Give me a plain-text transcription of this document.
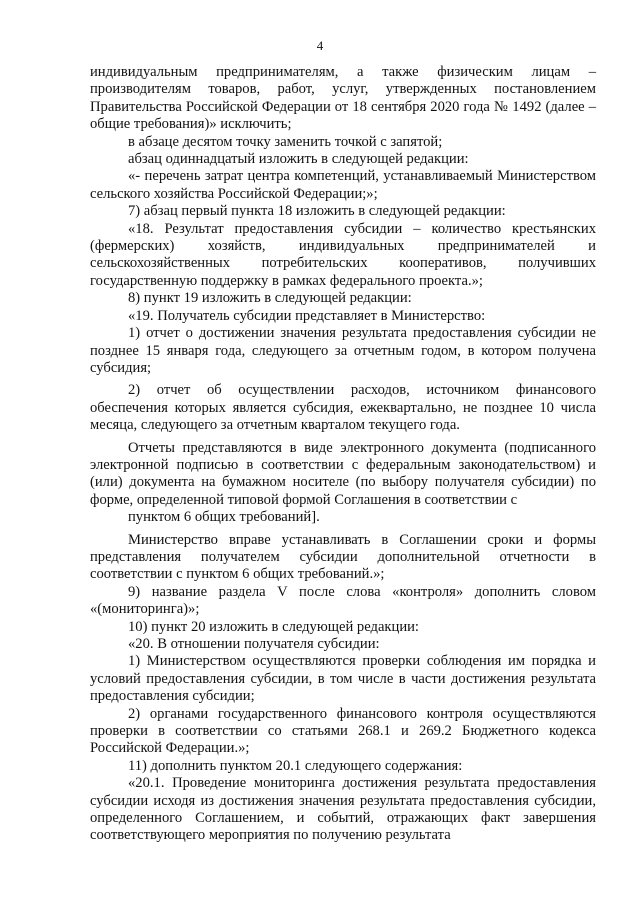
4

индивидуальным предпринимателям, а также физическим лицам – производителям товаров, работ, услуг, утвержденных постановлением Правительства Российской Федерации от 18 сентября 2020 года № 1492 (далее – общие требования)» исключить;

в абзаце десятом точку заменить точкой с запятой;

абзац одиннадцатый изложить в следующей редакции:

«- перечень затрат центра компетенций, устанавливаемый Министерством сельского хозяйства Российской Федерации;»;

7) абзац первый пункта 18 изложить в следующей редакции:

«18. Результат предоставления субсидии – количество крестьянских (фермерских) хозяйств, индивидуальных предпринимателей и сельскохозяйственных потребительских кооперативов, получивших государственную поддержку в рамках федерального проекта.»;

8) пункт 19 изложить в следующей редакции:

«19. Получатель субсидии представляет в Министерство:

1) отчет о достижении значения результата предоставления субсидии не позднее 15 января года, следующего за отчетным годом, в котором получена субсидия;

2) отчет об осуществлении расходов, источником финансового обеспечения которых является субсидия, ежеквартально, не позднее 10 числа месяца, следующего за отчетным кварталом текущего года.

Отчеты представляются в виде электронного документа (подписанного электронной подписью в соответствии с федеральным законодательством) и (или) документа на бумажном носителе (по выбору получателя субсидии) по форме, определенной типовой формой Соглашения в соответствии с

пунктом 6 общих требований].

Министерство вправе устанавливать в Соглашении сроки и формы представления получателем субсидии дополнительной отчетности в соответствии с пунктом 6 общих требований.»;

9) название раздела V после слова «контроля» дополнить словом «(мониторинга)»;

10) пункт 20 изложить в следующей редакции:

«20. В отношении получателя субсидии:

1) Министерством осуществляются проверки соблюдения им порядка и условий предоставления субсидии, в том числе в части достижения результата предоставления субсидии;

2) органами государственного финансового контроля осуществляются проверки в соответствии со статьями 268.1 и 269.2 Бюджетного кодекса Российской Федерации.»;

11) дополнить пунктом 20.1 следующего содержания:

«20.1. Проведение мониторинга достижения результата предоставления субсидии исходя из достижения значения результата предоставления субсидии, определенного Соглашением, и событий, отражающих факт завершения соответствующего мероприятия по получению результата
